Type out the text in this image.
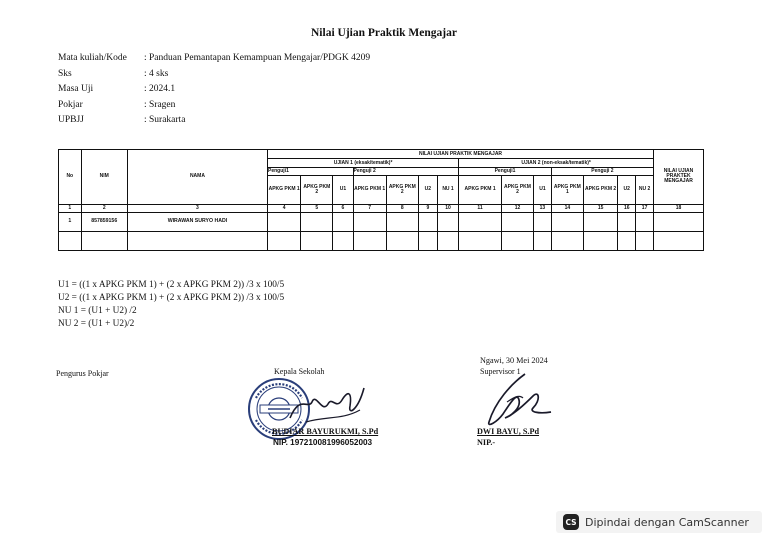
Nilai Ujian Praktik Mengajar
Mata kuliah/Kode	: Panduan Pemantapan Kemampuan Mengajar/PDGK 4209
Sks	: 4 sks
Masa Uji	: 2024.1
Pokjar	: Sragen
UPBJJ	: Surakarta
No	NIM	NAMA	NILAI UJIAN PRAKTIK MENGAJAR														NILAI UJIAN PRAKTEK MENGAJAR
			UJIAN 1 (eksak/tematik)*							UJIAN 2 (non-eksak/tematik)*							
			Penguji1			Penguji 2				Penguji1			Penguji 2				
			APKG PKM 1	APKG PKM 2	U1	APKG PKM 1	APKG PKM 2	U2	NU 1	APKG PKM 1	APKG PKM 2	U1	APKG PKM 1	APKG PKM 2	U2	NU 2	
1	2	3	4	5	6	7	8	9	10	11	12	13	14	15	16	17	18
1	857859156	WIRAWAN SURYO HADI															

U1 = ((1 x APKG PKM 1) + (2 x APKG PKM 2)) /3 x 100/5
U2 = ((1 x APKG PKM 1) + (2 x APKG PKM 2)) /3 x 100/5
NU 1 = (U1 + U2) /2
NU 2 = (U1 + U2)/2
Pengurus Pokjar	Kepala Sekolah
BUDIAR BAYURUKMI, S.Pd
NIP. 197210081996052003
Ngawi, 30 Mei 2024
Supervisor 1
DWI BAYU, S.Pd
NIP.-
CS Dipindai dengan CamScanner
